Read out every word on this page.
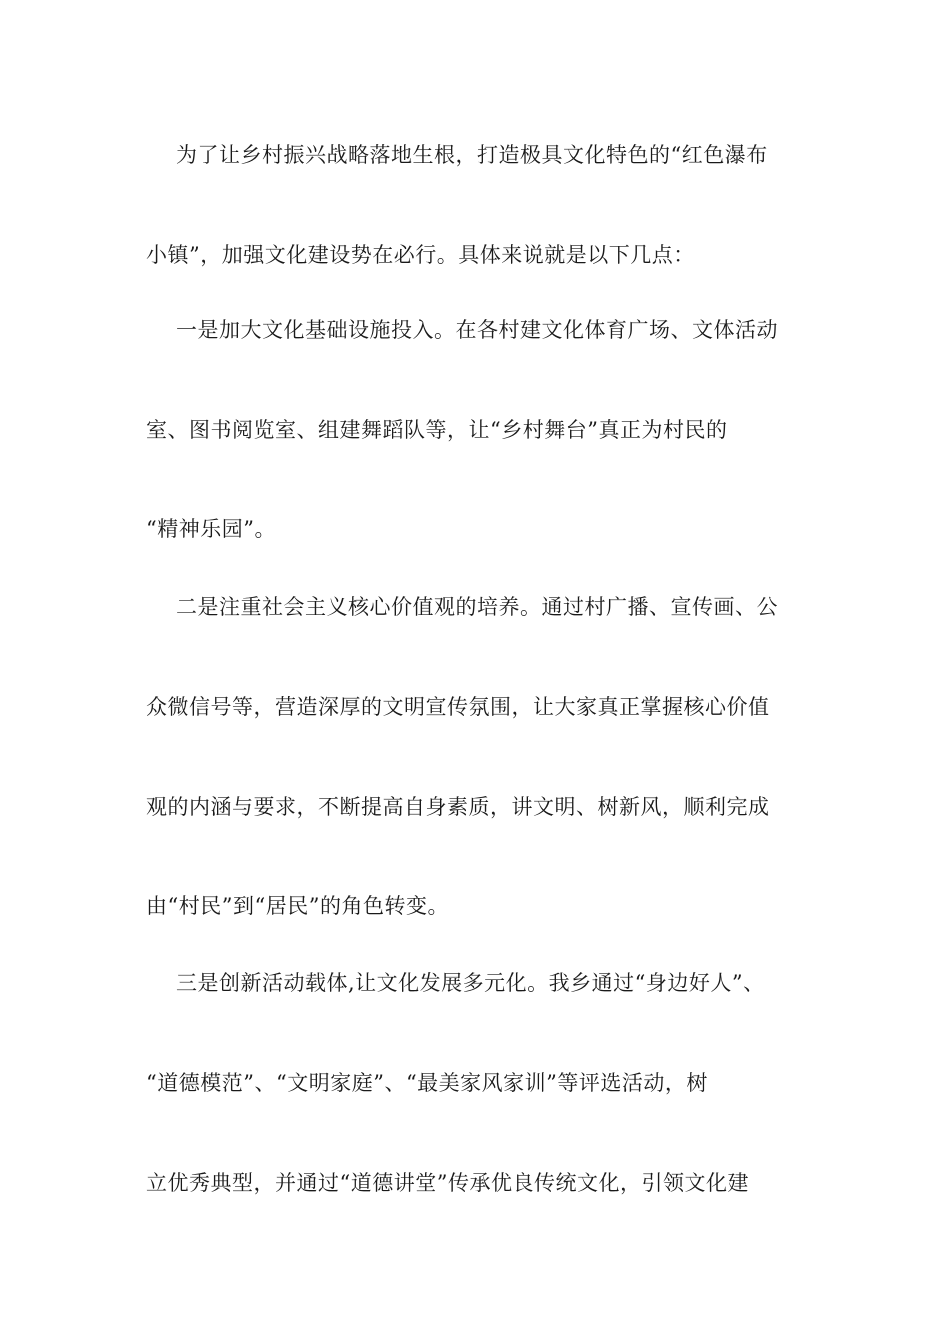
为了让乡村振兴战略落地生根，打造极具文化特色的“红色瀑布
小镇”，加强文化建设势在必行。具体来说就是以下几点：
一是加大文化基础设施投入。在各村建文化体育广场、文体活动
室、图书阅览室、组建舞蹈队等，让“乡村舞台”真正为村民的
“精神乐园”。
二是注重社会主义核心价值观的培养。通过村广播、宣传画、公
众微信号等，营造深厚的文明宣传氛围，让大家真正掌握核心价值
观的内涵与要求，不断提高自身素质，讲文明、树新风，顺利完成
由“村民”到“居民”的角色转变。
三是创新活动载体,让文化发展多元化。我乡通过“身边好人”、
“道德模范”、“文明家庭”、“最美家风家训”等评选活动，树
立优秀典型，并通过“道德讲堂”传承优良传统文化，引领文化建
